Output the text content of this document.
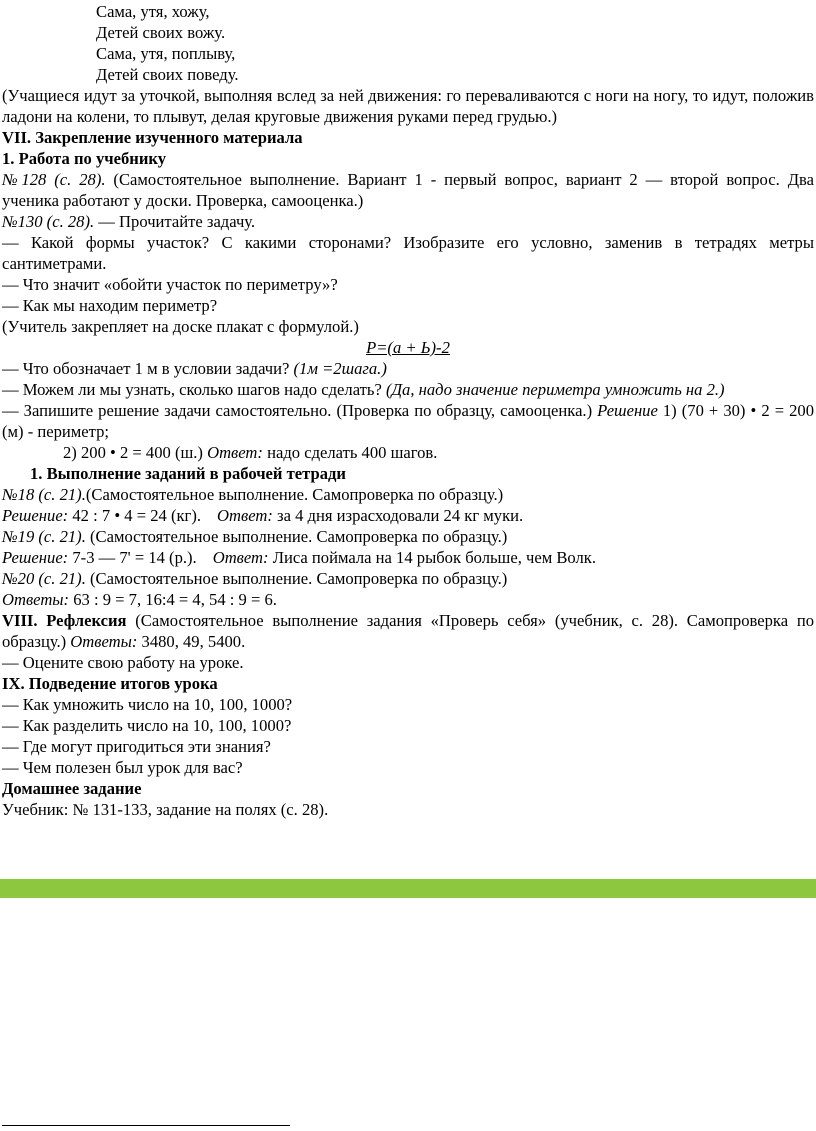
Сама, утя, хожу,

Детей своих вожу.

Сама, утя, поплыву,

Детей своих поведу.

(Учащиеся идут за уточкой, выполняя вслед за ней движения: го переваливаются с ноги на ногу, то идут, положив ладони на колени, то плывут, делая круговые движения руками перед грудью.)

VII. Закрепление изученного материала

1. Работа по учебнику

№128 (с. 28). (Самостоятельное выполнение. Вариант 1 - первый вопрос, вариант 2 — второй вопрос. Два ученика работают у доски. Проверка, самооценка.)

№130 (с. 28). — Прочитайте задачу.

— Какой формы участок? С какими сторонами? Изобразите его условно, заменив в тетрадях метры сантиметрами.

— Что значит «обойти участок по периметру»?

— Как мы находим периметр?

(Учитель закрепляет на доске плакат с формулой.)

Р=(а + Ь)-2

— Что обозначает 1 м в условии задачи? (1м =2шага.)

— Можем ли мы узнать, сколько шагов надо сделать? (Да, надо значение периметра умножить на 2.)

— Запишите решение задачи самостоятельно. (Проверка по образцу, самооценка.) Решение 1) (70 + 30) • 2 = 200 (м) - периметр;

2) 200 • 2 = 400 (ш.) Ответ: надо сделать 400 шагов.

1. Выполнение заданий в рабочей тетради

№18 (с. 21).(Самостоятельное выполнение. Самопроверка по образцу.)

Решение: 42 : 7 • 4 = 24 (кг). Ответ: за 4 дня израсходовали 24 кг муки.

№19 (с. 21). (Самостоятельное выполнение. Самопроверка по образцу.)

Решение: 7-3 — 7' = 14 (р.). Ответ: Лиса поймала на 14 рыбок больше, чем Волк.

№20 (с. 21). (Самостоятельное выполнение. Самопроверка по образцу.)

Ответы: 63 : 9 = 7, 16:4 = 4, 54 : 9 = 6.

VIII. Рефлексия (Самостоятельное выполнение задания «Проверь себя» (учебник, с. 28). Самопроверка по образцу.) Ответы: 3480, 49, 5400.

— Оцените свою работу на уроке.

IX. Подведение итогов урока

— Как умножить число на 10, 100, 1000?

— Как разделить число на 10, 100, 1000?

— Где могут пригодиться эти знания?

— Чем полезен был урок для вас?

Домашнее задание

Учебник: № 131-133, задание на полях (с. 28).
